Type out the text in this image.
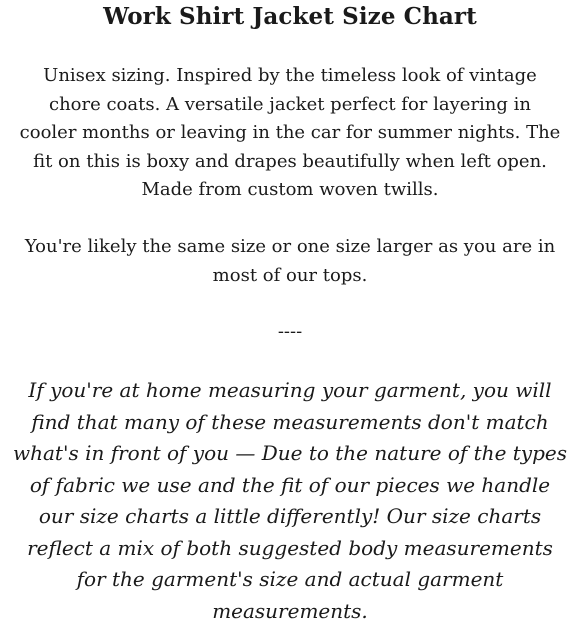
Work Shirt Jacket Size Chart
Unisex sizing. Inspired by the timeless look of vintage chore coats. A versatile jacket perfect for layering in cooler months or leaving in the car for summer nights. The fit on this is boxy and drapes beautifully when left open. Made from custom woven twills.
You're likely the same size or one size larger as you are in most of our tops.
----
If you're at home measuring your garment, you will find that many of these measurements don't match what's in front of you — Due to the nature of the types of fabric we use and the fit of our pieces we handle our size charts a little differently! Our size charts reflect a mix of both suggested body measurements for the garment's size and actual garment measurements.
